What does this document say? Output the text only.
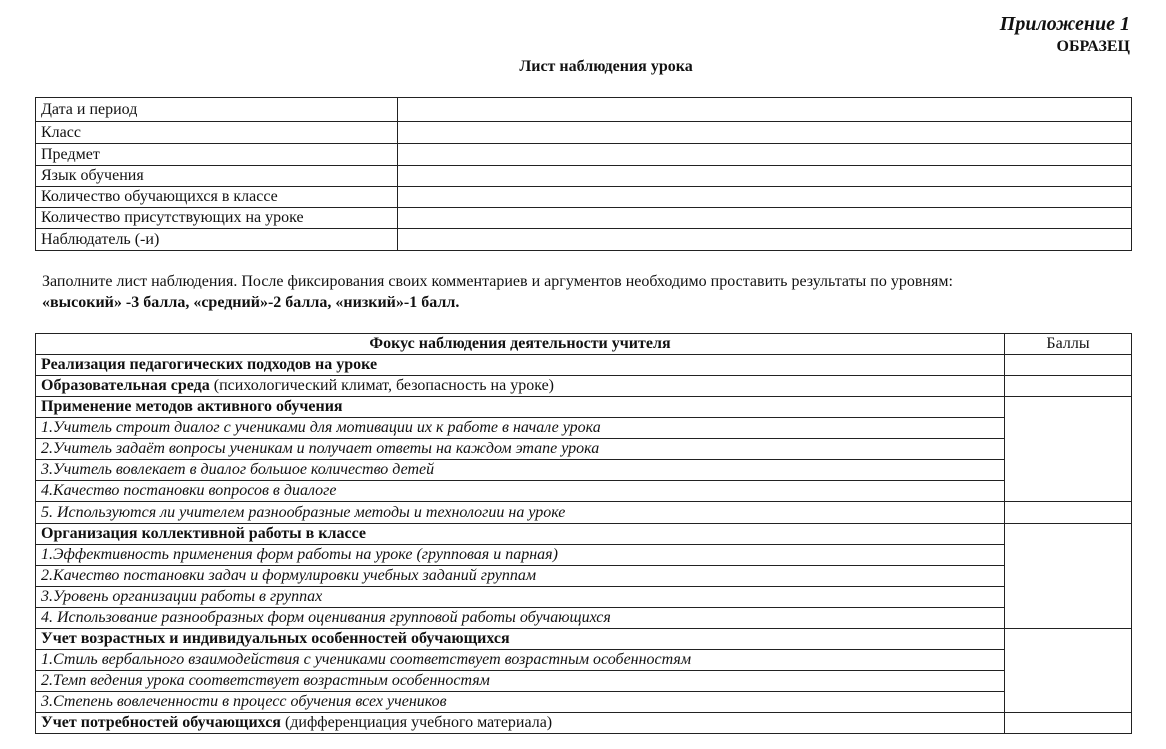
Приложение 1
ОБРАЗЕЦ
Лист наблюдения урока
Дата и период	
Класс	
Предмет	
Язык обучения	
Количество обучающихся в классе	
Количество присутствующих на уроке	
Наблюдатель (-и)	
Заполните лист наблюдения. После фиксирования своих комментариев и аргументов необходимо проставить результаты по уровням:
«высокий» -3 балла, «средний»-2 балла, «низкий»-1 балл.
Фокус наблюдения деятельности учителя	Баллы
Реализация педагогических подходов на уроке	
Образовательная среда (психологический климат, безопасность на уроке)	
Применение методов активного обучения	
1.Учитель строит диалог с учениками для мотивации их к работе в начале урока	
2.Учитель задаёт вопросы ученикам и получает ответы на каждом этапе урока	
3.Учитель вовлекает в диалог большое количество детей	
4.Качество постановки вопросов в диалоге	
5. Используются ли учителем разнообразные методы и технологии на уроке	
Организация коллективной работы в классе	
1.Эффективность применения форм работы на уроке (групповая и парная)	
2.Качество постановки задач и формулировки учебных заданий группам	
3.Уровень организации работы в группах	
4. Использование разнообразных форм оценивания групповой работы обучающихся	
Учет возрастных и индивидуальных особенностей обучающихся	
1.Стиль вербального взаимодействия с учениками соответствует возрастным особенностям	
2.Темп ведения урока соответствует возрастным особенностям	
3.Степень вовлеченности в процесс обучения всех учеников	
Учет потребностей обучающихся (дифференциация учебного материала)	
